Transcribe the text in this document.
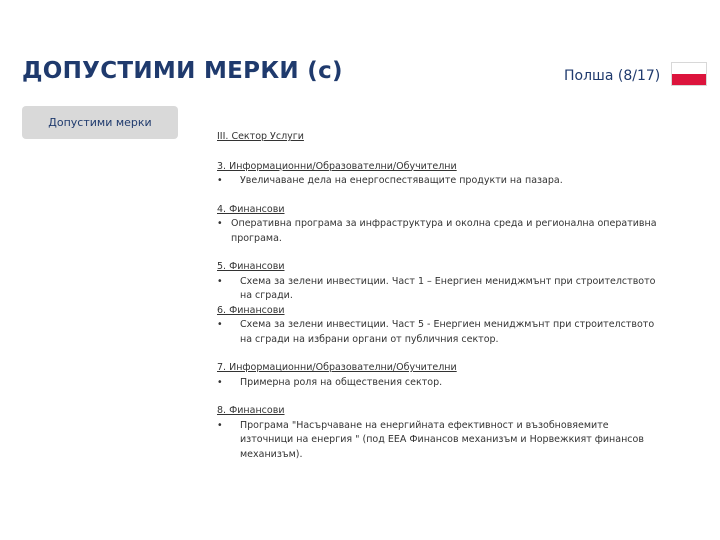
ДОПУСТИМИ МЕРКИ (с)	Полша (8/17)
Допустими мерки
III. Сектор Услуги
3. Информационни/Образователни/Обучителни
•	Увеличаване дела на енергоспестяващите продукти на пазара.
4. Финансови
• Оперативна програма за инфраструктура и околна среда и регионална оперативна програма.
5. Финансови
•	Схема за зелени инвестиции. Част 1 – Енергиен мениджмънт при строителството на сгради.
6. Финансови
•	Схема за зелени инвестиции. Част 5 - Енергиен мениджмънт при строителството на сгради на избрани органи от публичния сектор.
7. Информационни/Образователни/Обучителни
•	Примерна роля на обществения сектор.
8. Финансови
•	Програма "Насърчаване на енергийната ефективност и възобновяемите източници на енергия " (под ЕЕА Финансов механизъм и Норвежкият финансов механизъм).
